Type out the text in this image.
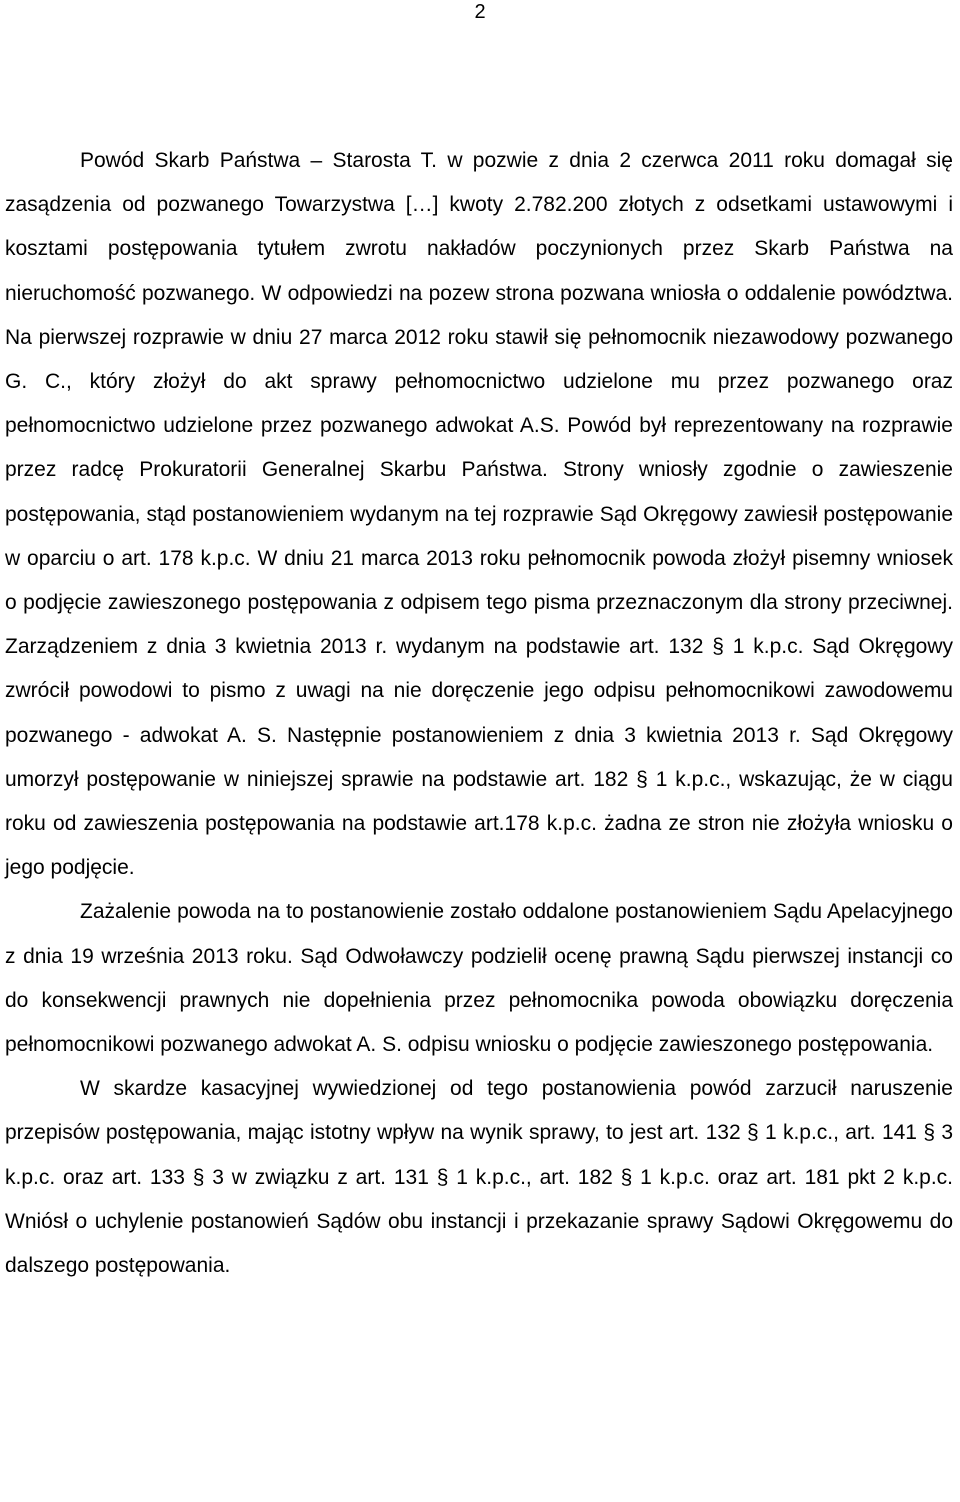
2

Powód Skarb Państwa – Starosta T. w pozwie z dnia 2 czerwca 2011 roku domagał się zasądzenia od pozwanego Towarzystwa […] kwoty 2.782.200 złotych z odsetkami ustawowymi i kosztami postępowania tytułem zwrotu nakładów poczynionych przez Skarb Państwa na nieruchomość pozwanego. W odpowiedzi na pozew strona pozwana wniosła o oddalenie powództwa. Na pierwszej rozprawie w dniu 27 marca 2012 roku stawił się pełnomocnik niezawodowy pozwanego G. C., który złożył do akt sprawy pełnomocnictwo udzielone mu przez pozwanego oraz pełnomocnictwo udzielone przez pozwanego adwokat A.S. Powód był reprezentowany na rozprawie przez radcę Prokuratorii Generalnej Skarbu Państwa. Strony wniosły zgodnie o zawieszenie postępowania, stąd postanowieniem wydanym na tej rozprawie Sąd Okręgowy zawiesił postępowanie w oparciu o art. 178 k.p.c. W dniu 21 marca 2013 roku pełnomocnik powoda złożył pisemny wniosek o podjęcie zawieszonego postępowania z odpisem tego pisma przeznaczonym dla strony przeciwnej. Zarządzeniem z dnia 3 kwietnia 2013 r. wydanym na podstawie art. 132 § 1 k.p.c. Sąd Okręgowy zwrócił powodowi to pismo z uwagi na nie doręczenie jego odpisu pełnomocnikowi zawodowemu pozwanego - adwokat A. S. Następnie postanowieniem z dnia 3 kwietnia 2013 r. Sąd Okręgowy umorzył postępowanie w niniejszej sprawie na podstawie art. 182 § 1 k.p.c., wskazując, że w ciągu roku od zawieszenia postępowania na podstawie art.178 k.p.c. żadna ze stron nie złożyła wniosku o jego podjęcie.

Zażalenie powoda na to postanowienie zostało oddalone postanowieniem Sądu Apelacyjnego z dnia 19 września 2013 roku. Sąd Odwoławczy podzielił ocenę prawną Sądu pierwszej instancji co do konsekwencji prawnych nie dopełnienia przez pełnomocnika powoda obowiązku doręczenia pełnomocnikowi pozwanego adwokat A. S. odpisu wniosku o podjęcie zawieszonego postępowania.

W skardze kasacyjnej wywiedzionej od tego postanowienia powód zarzucił naruszenie przepisów postępowania, mając istotny wpływ na wynik sprawy, to jest art. 132 § 1 k.p.c., art. 141 § 3 k.p.c. oraz art. 133 § 3 w związku z art. 131 § 1 k.p.c., art. 182 § 1 k.p.c. oraz art. 181 pkt 2 k.p.c. Wniósł o uchylenie postanowień Sądów obu instancji i przekazanie sprawy Sądowi Okręgowemu do dalszego postępowania.
